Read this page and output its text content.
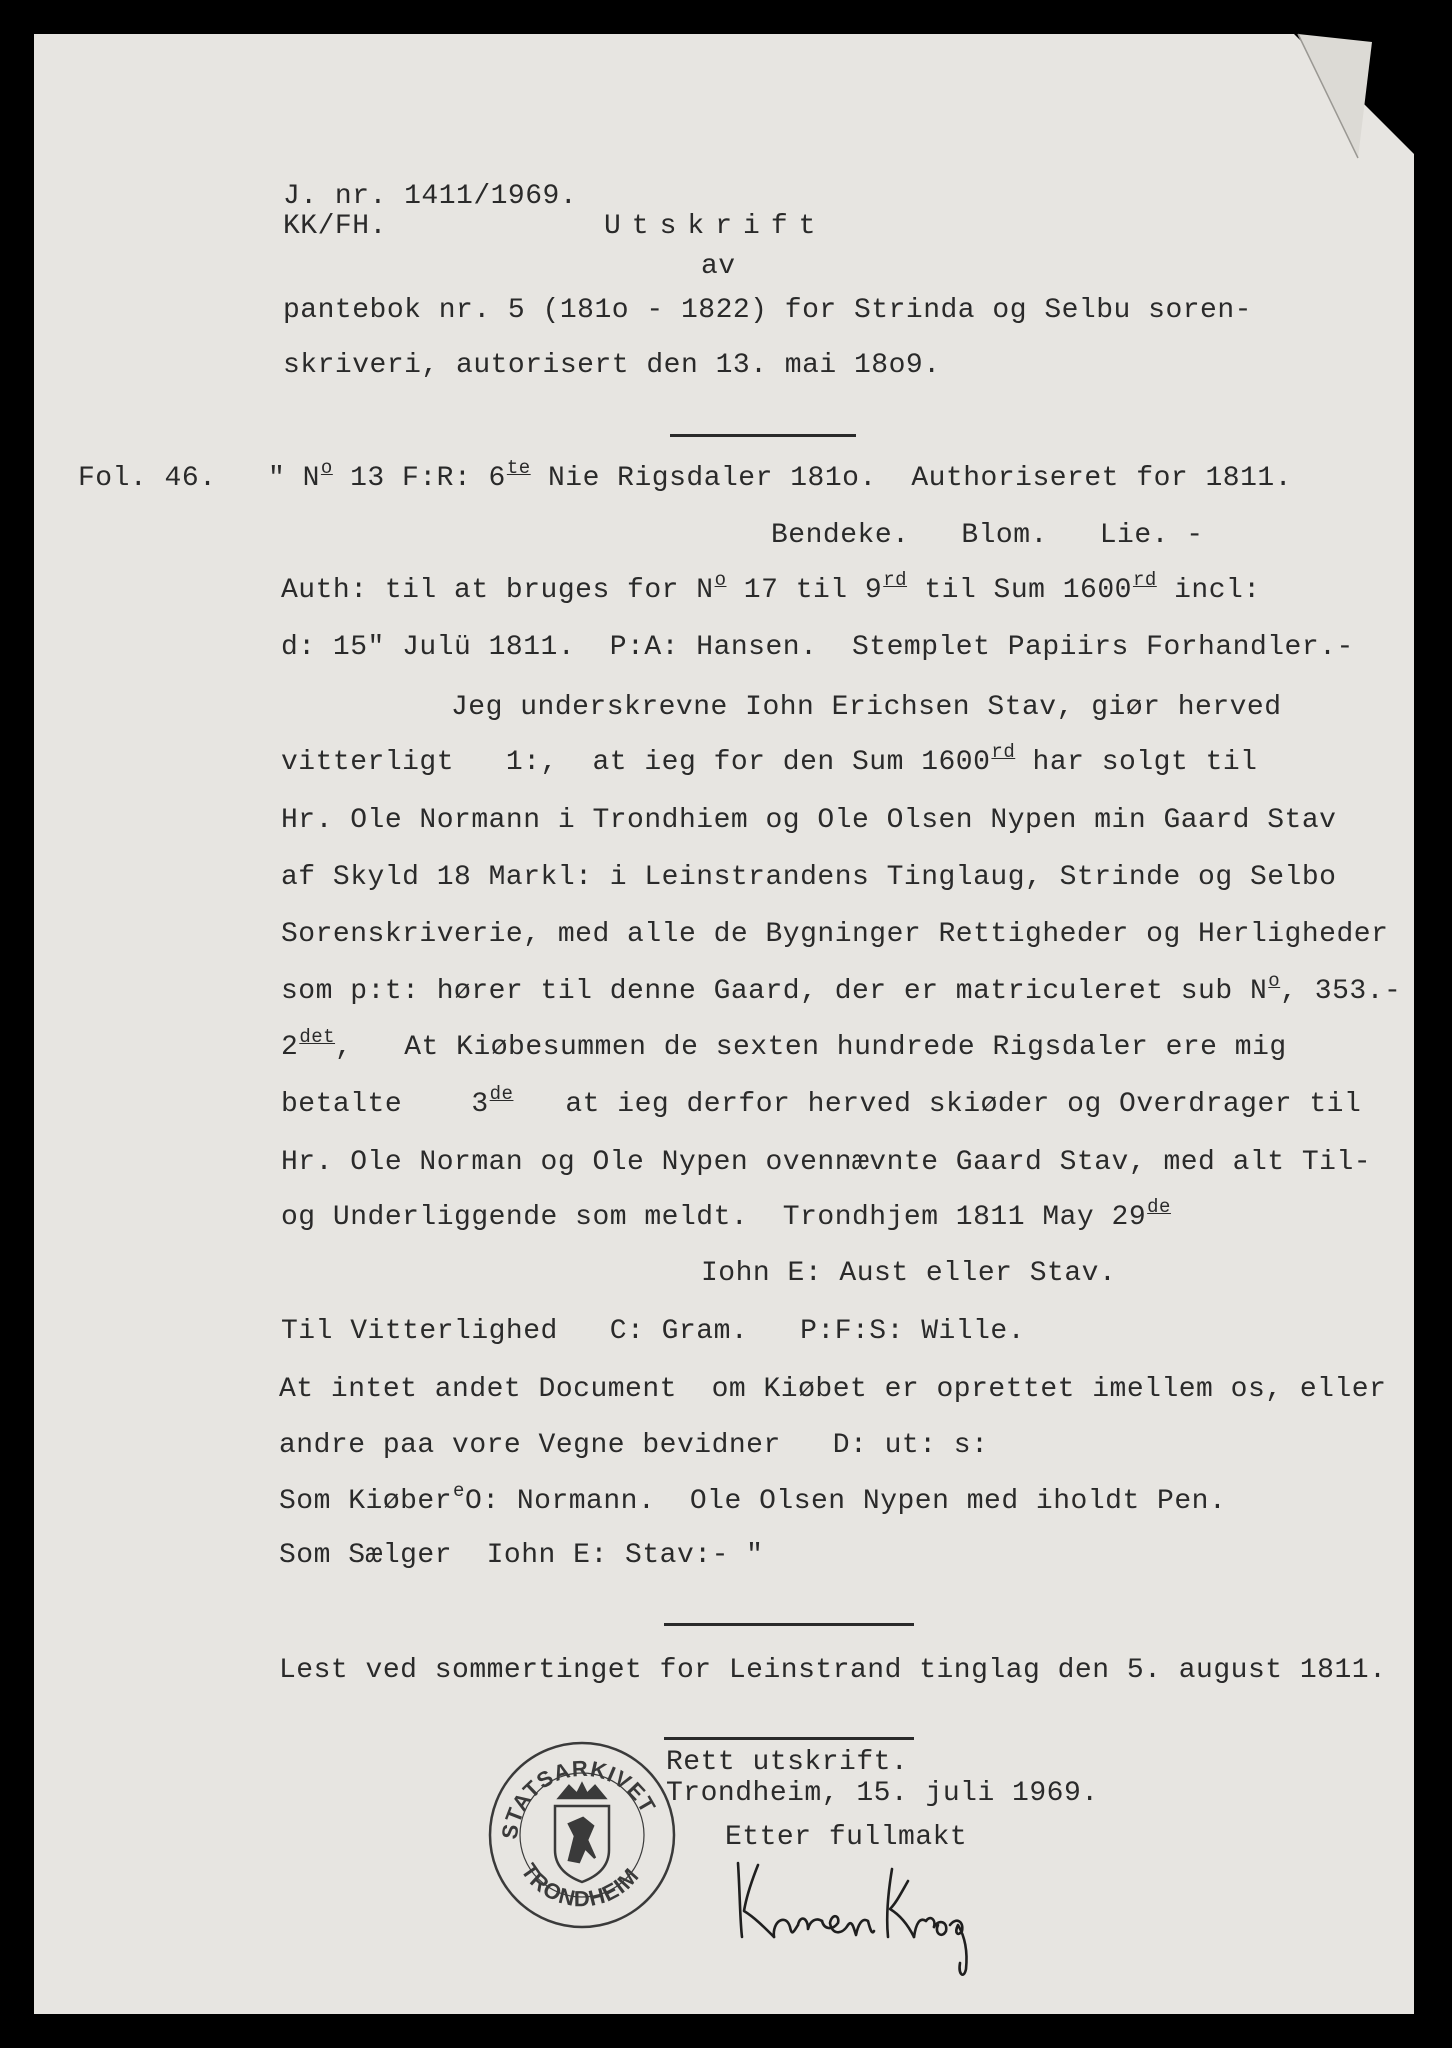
J. nr. 1411/1969.
KK/FH.	Utskrift
av
pantebok nr. 5 (181o - 1822) for Strinda og Selbu soren-
skriveri, autorisert den 13. mai 18o9.
Fol. 46. " $N^o$ 13 F:R: $6^{te}$ Nie Rigsdaler 181o.  Authoriseret for 1811.
Bendeke.   Blom.   Lie. -
Auth: til at bruges for $N^o$ 17 til 9rd til Sum 1600rd incl:
d: 15" Julü 1811.  P:A: Hansen.  Stemplet Papiirs Forhandler.-
Jeg underskrevne Iohn Erichsen Stav, giør herved
vitterligt   1:,  at ieg for den Sum 1600rd har solgt til
Hr. Ole Normann i Trondhiem og Ole Olsen Nypen min Gaard Stav
af Skyld 18 Markl: i Leinstrandens Tinglaug, Strinde og Selbo
Sorenskriverie, med alle de Bygninger Rettigheder og Herligheder
som p:t: hører til denne Gaard, der er matriculeret sub $N^o$, 353.-
$2^{det}$,   At Kiøbesummen de sexten hundrede Rigsdaler ere mig
betalte    3de   at ieg derfor herved skiøder og Overdrager til
Hr. Ole Norman og Ole Nypen ovennævnte Gaard Stav, med alt Til-
og Underliggende som meldt.  Trondhjem 1811 May 29de
Iohn E: Aust eller Stav.
Til Vitterlighed   C: Gram.   P:F:S: Wille.
At intet andet Document  om Kiøbet er oprettet imellem os, eller
andre paa vore Vegne bevidner   D: ut: s:
Som Kiøber$^e$O: Normann.  Ole Olsen Nypen med iholdt Pen.
Som Sælger  Iohn E: Stav:- "
Lest ved sommertinget for Leinstrand tinglag den 5. august 1811.
Rett utskrift.
Trondheim, 15. juli 1969.
Etter fullmakt
STATSARKIVET
TRONDHEIM
